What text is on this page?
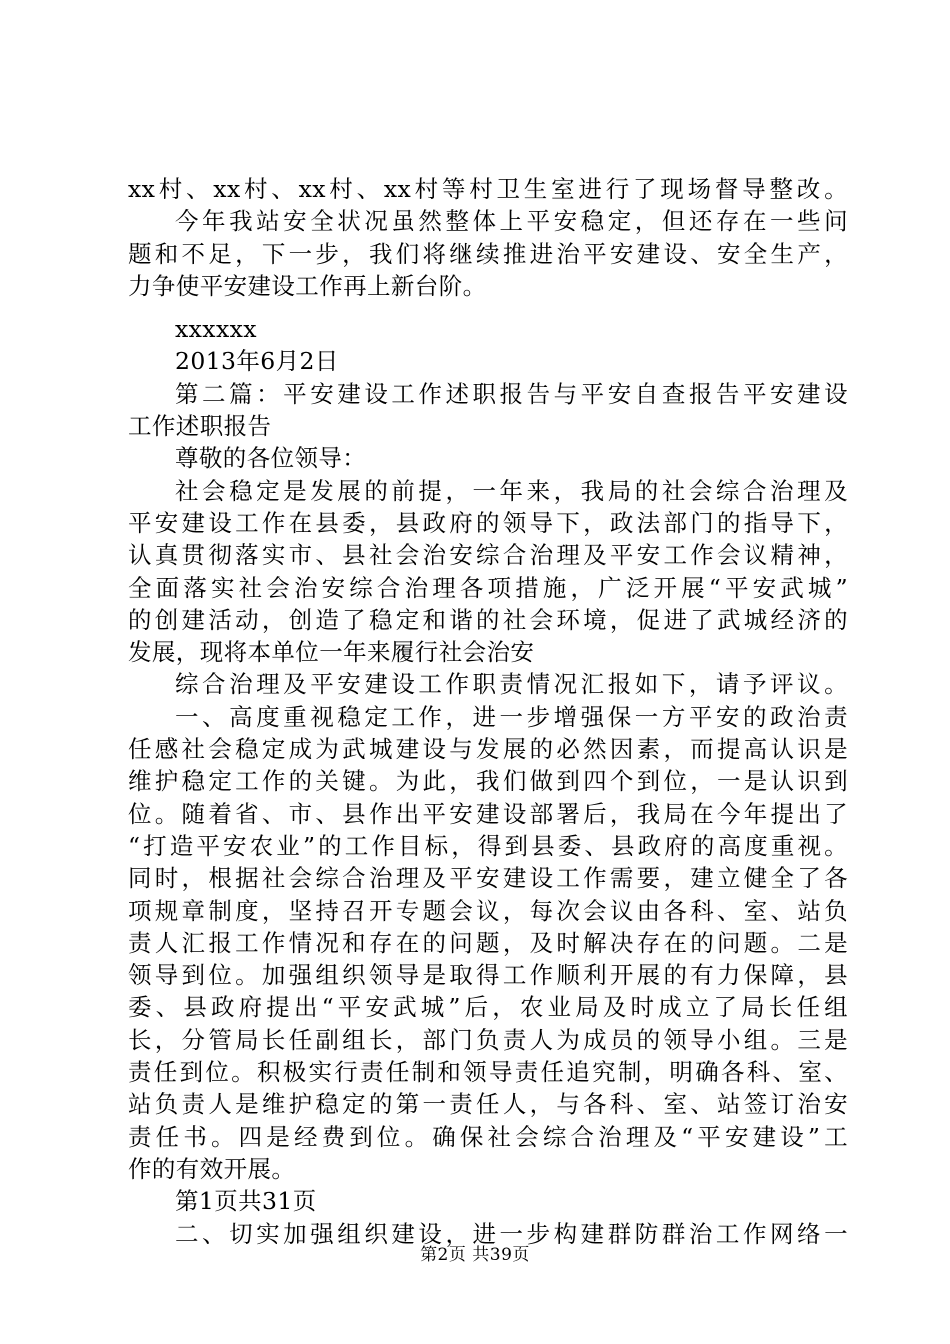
xx村、xx村、xx村、xx村等村卫生室进行了现场督导整改。
今年我站安全状况虽然整体上平安稳定，但还存在一些问
题和不足，下一步，我们将继续推进治平安建设、安全生产，
力争使平安建设工作再上新台阶。
xxxxxx
2013年6月2日
第二篇：平安建设工作述职报告与平安自查报告平安建设
工作述职报告
尊敬的各位领导：
社会稳定是发展的前提，一年来，我局的社会综合治理及
平安建设工作在县委，县政府的领导下，政法部门的指导下，
认真贯彻落实市、县社会治安综合治理及平安工作会议精神，
全面落实社会治安综合治理各项措施，广泛开展“平安武城”
的创建活动，创造了稳定和谐的社会环境，促进了武城经济的
发展，现将本单位一年来履行社会治安
综合治理及平安建设工作职责情况汇报如下，请予评议。
一、高度重视稳定工作，进一步增强保一方平安的政治责
任感社会稳定成为武城建设与发展的必然因素，而提高认识是
维护稳定工作的关键。为此，我们做到四个到位，一是认识到
位。随着省、市、县作出平安建设部署后，我局在今年提出了
“打造平安农业”的工作目标，得到县委、县政府的高度重视。
同时，根据社会综合治理及平安建设工作需要，建立健全了各
项规章制度，坚持召开专题会议，每次会议由各科、室、站负
责人汇报工作情况和存在的问题，及时解决存在的问题。二是
领导到位。加强组织领导是取得工作顺利开展的有力保障，县
委、县政府提出“平安武城”后，农业局及时成立了局长任组
长，分管局长任副组长，部门负责人为成员的领导小组。三是
责任到位。积极实行责任制和领导责任追究制，明确各科、室、
站负责人是维护稳定的第一责任人，与各科、室、站签订治安
责任书。四是经费到位。确保社会综合治理及“平安建设”工
作的有效开展。
第1页共31页
二、切实加强组织建设，进一步构建群防群治工作网络一
第2页 共39页
